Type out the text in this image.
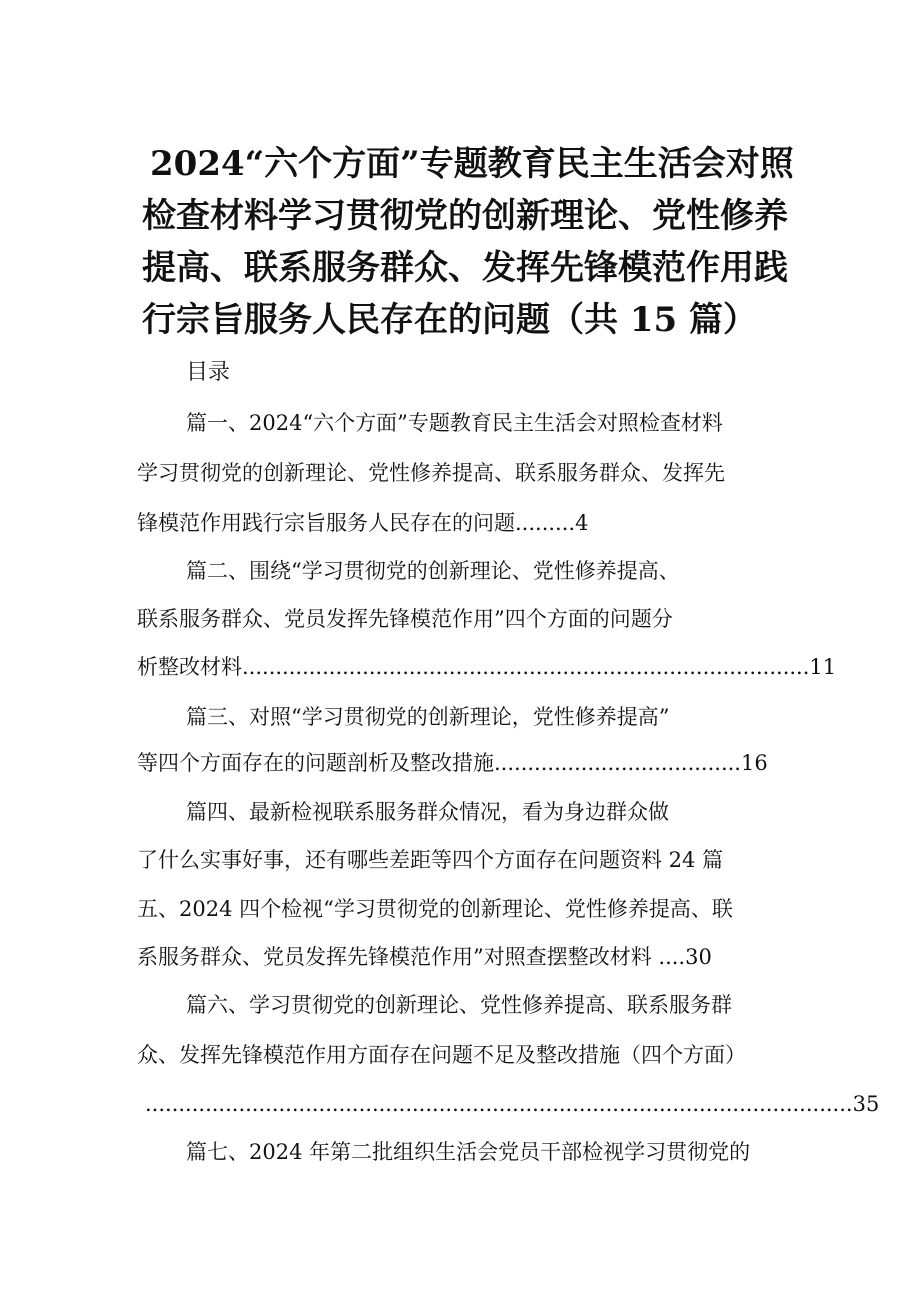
2024“六个方面”专题教育民主生活会对照
检查材料学习贯彻党的创新理论、党性修养
提高、联系服务群众、发挥先锋模范作用践
行宗旨服务人民存在的问题（共 15 篇）
目录
篇一、2024“六个方面”专题教育民主生活会对照检查材料
学习贯彻党的创新理论、党性修养提高、联系服务群众、发挥先
锋模范作用践行宗旨服务人民存在的问题.........4
篇二、围绕“学习贯彻党的创新理论、党性修养提高、
联系服务群众、党员发挥先锋模范作用”四个方面的问题分
析整改材料.....................................................................................11
篇三、对照“学习贯彻党的创新理论，党性修养提高”
等四个方面存在的问题剖析及整改措施.....................................16
篇四、最新检视联系服务群众情况，看为身边群众做
了什么实事好事，还有哪些差距等四个方面存在问题资料 24 篇
五、2024 四个检视“学习贯彻党的创新理论、党性修养提高、联
系服务群众、党员发挥先锋模范作用”对照查摆整改材料 ....30
篇六、学习贯彻党的创新理论、党性修养提高、联系服务群
众、发挥先锋模范作用方面存在问题不足及整改措施（四个方面）
..........................................................................................................35
篇七、2024 年第二批组织生活会党员干部检视学习贯彻党的
